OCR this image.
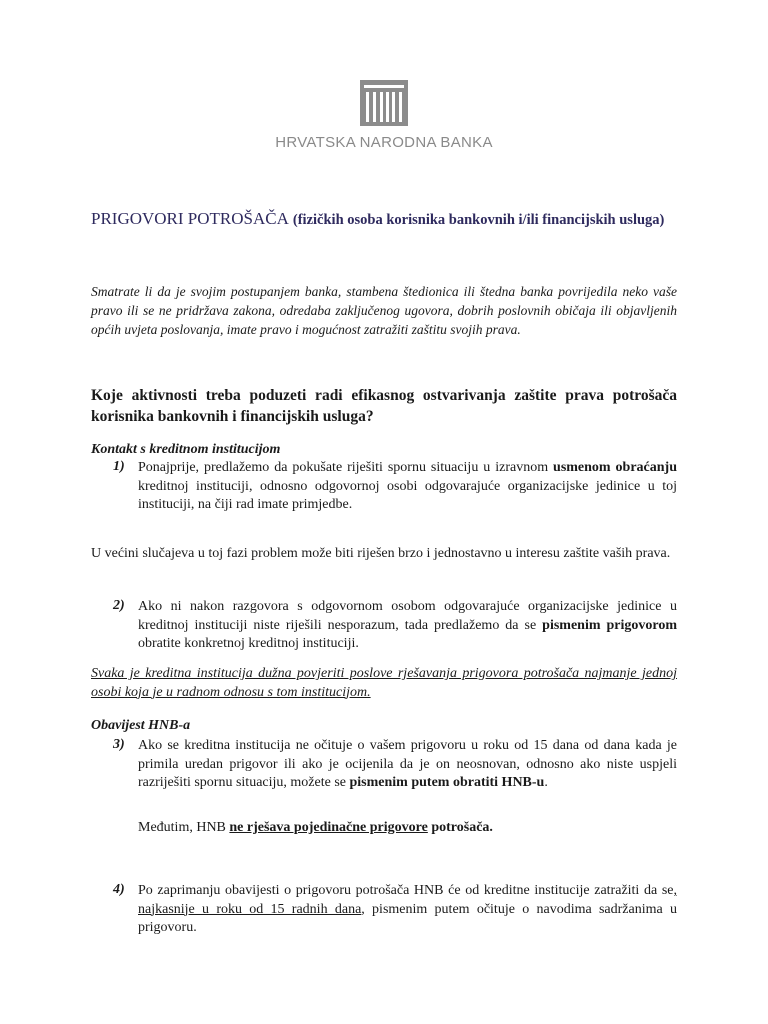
HRVATSKA NARODNA BANKA
PRIGOVORI POTROŠAČA (fizičkih osoba korisnika bankovnih i/ili financijskih usluga)

Smatrate li da je svojim postupanjem banka, stambena štedionica ili štedna banka povrijedila neko vaše pravo ili se ne pridržava zakona, odredaba zaključenog ugovora, dobrih poslovnih običaja ili objavljenih općih uvjeta poslovanja, imate pravo i mogućnost zatražiti zaštitu svojih prava.

Koje aktivnosti treba poduzeti radi efikasnog ostvarivanja zaštite prava potrošača korisnika bankovnih i financijskih usluga?

Kontakt s kreditnom institucijom
1) Ponajprije, predlažemo da pokušate riješiti spornu situaciju u izravnom usmenom obraćanju kreditnoj instituciji, odnosno odgovornoj osobi odgovarajuće organizacijske jedinice u toj instituciji, na čiji rad imate primjedbe.

U većini slučajeva u toj fazi problem može biti riješen brzo i jednostavno u interesu zaštite vaših prava.

2) Ako ni nakon razgovora s odgovornom osobom odgovarajuće organizacijske jedinice u kreditnoj instituciji niste riješili nesporazum, tada predlažemo da se pismenim prigovorom obratite konkretnoj kreditnoj instituciji.

Svaka je kreditna institucija dužna povjeriti poslove rješavanja prigovora potrošača najmanje jednoj osobi koja je u radnom odnosu s tom institucijom.

Obavijest HNB-a
3) Ako se kreditna institucija ne očituje o vašem prigovoru u roku od 15 dana od dana kada je primila uredan prigovor ili ako je ocijenila da je on neosnovan, odnosno ako niste uspjeli razriješiti spornu situaciju, možete se pismenim putem obratiti HNB-u.

Međutim, HNB ne rješava pojedinačne prigovore potrošača.

4) Po zaprimanju obavijesti o prigovoru potrošača HNB će od kreditne institucije zatražiti da se, najkasnije u roku od 15 radnih dana, pismenim putem očituje o navodima sadržanima u prigovoru.
